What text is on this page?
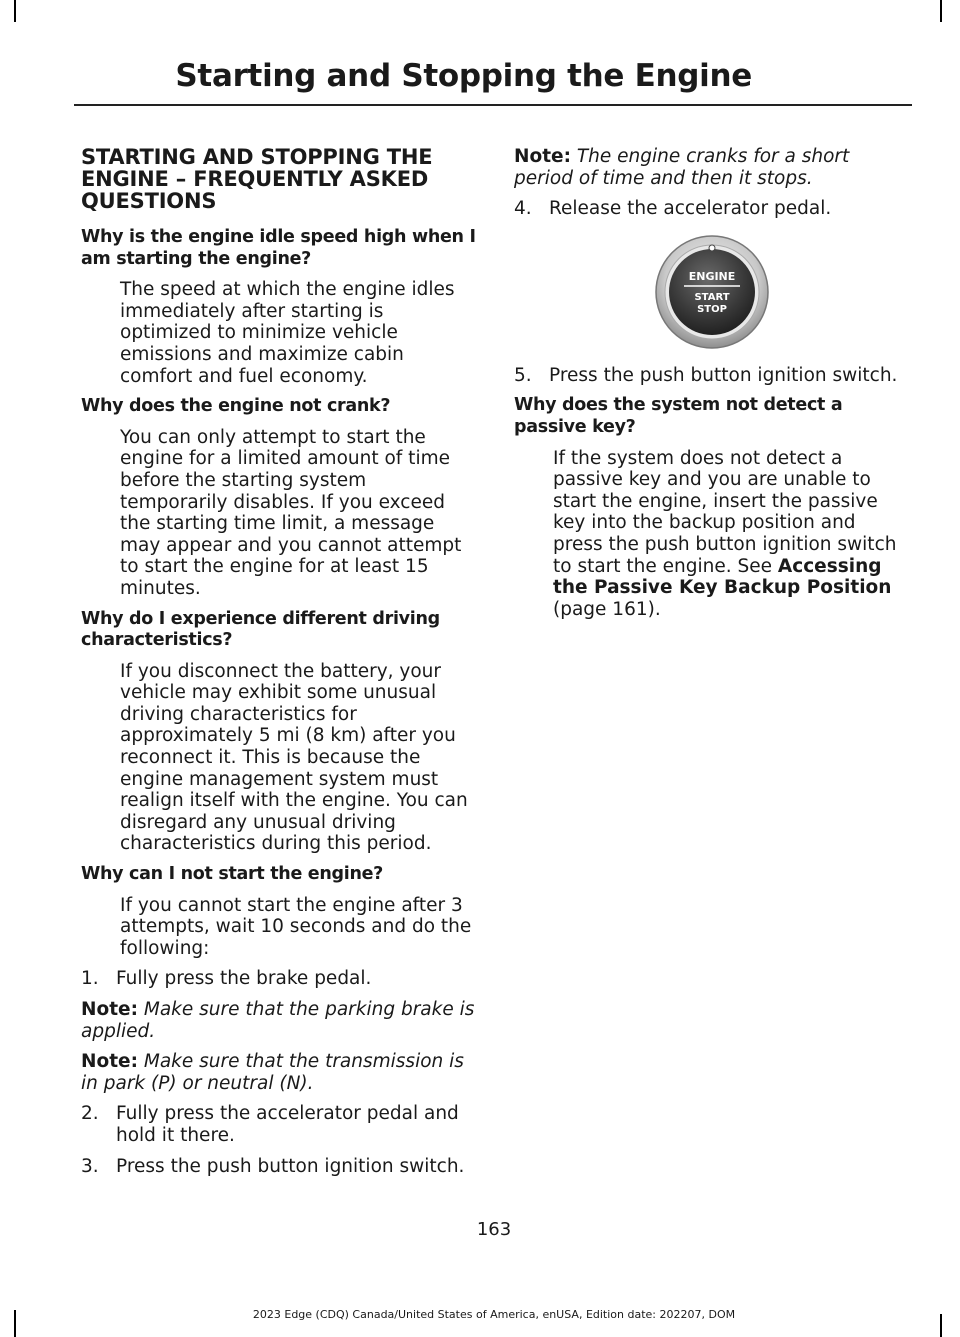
Starting and Stopping the Engine
STARTING AND STOPPING THE ENGINE – FREQUENTLY ASKED QUESTIONS
Why is the engine idle speed high when I am starting the engine?

The speed at which the engine idles immediately after starting is optimized to minimize vehicle emissions and maximize cabin comfort and fuel economy.

Why does the engine not crank?

You can only attempt to start the engine for a limited amount of time before the starting system temporarily disables. If you exceed the starting time limit, a message may appear and you cannot attempt to start the engine for at least 15 minutes.

Why do I experience different driving characteristics?

If you disconnect the battery, your vehicle may exhibit some unusual driving characteristics for approximately 5 mi (8 km) after you reconnect it. This is because the engine management system must realign itself with the engine. You can disregard any unusual driving characteristics during this period.

Why can I not start the engine?

If you cannot start the engine after 3 attempts, wait 10 seconds and do the following:

1. Fully press the brake pedal.

Note: Make sure that the parking brake is applied.

Note: Make sure that the transmission is in park (P) or neutral (N).

2. Fully press the accelerator pedal and hold it there.

3. Press the push button ignition switch.

Note: The engine cranks for a short period of time and then it stops.

4. Release the accelerator pedal.

ENGINE
START
STOP

5. Press the push button ignition switch.

Why does the system not detect a passive key?

If the system does not detect a passive key and you are unable to start the engine, insert the passive key into the backup position and press the push button ignition switch to start the engine. See Accessing the Passive Key Backup Position (page 161).

163
2023 Edge (CDQ) Canada/United States of America, enUSA, Edition date: 202207, DOM
